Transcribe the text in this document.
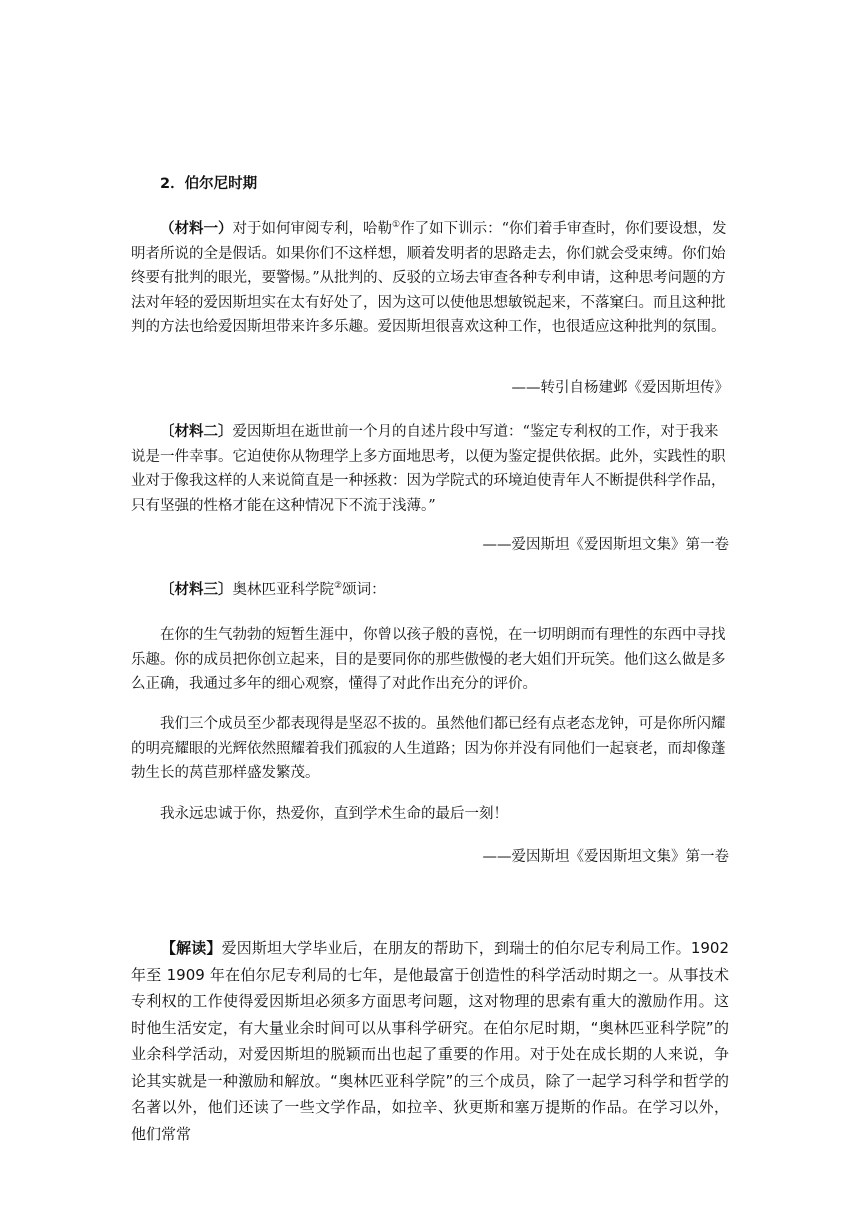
2．伯尔尼时期

（材料一）对于如何审阅专利，哈勒①作了如下训示：“你们着手审查时，你们要设想，发明者所说的全是假话。如果你们不这样想，顺着发明者的思路走去，你们就会受束缚。你们始终要有批判的眼光，要警惕。”从批判的、反驳的立场去审查各种专利申请，这种思考问题的方法对年轻的爱因斯坦实在太有好处了，因为这可以使他思想敏锐起来，不落窠臼。而且这种批判的方法也给爱因斯坦带来许多乐趣。爱因斯坦很喜欢这种工作，也很适应这种批判的氛围。

——转引自杨建邺《爱因斯坦传》

〔材料二〕爱因斯坦在逝世前一个月的自述片段中写道：“鉴定专利权的工作，对于我来说是一件幸事。它迫使你从物理学上多方面地思考，以便为鉴定提供依据。此外，实践性的职业对于像我这样的人来说简直是一种拯救：因为学院式的环境迫使青年人不断提供科学作品，只有坚强的性格才能在这种情况下不流于浅薄。”

——爱因斯坦《爱因斯坦文集》第一卷

〔材料三〕奥林匹亚科学院②颂词：

在你的生气勃勃的短暂生涯中，你曾以孩子般的喜悦，在一切明朗而有理性的东西中寻找乐趣。你的成员把你创立起来，目的是要同你的那些傲慢的老大姐们开玩笑。他们这么做是多么正确，我通过多年的细心观察，懂得了对此作出充分的评价。

我们三个成员至少都表现得是坚忍不拔的。虽然他们都已经有点老态龙钟，可是你所闪耀的明亮耀眼的光辉依然照耀着我们孤寂的人生道路；因为你并没有同他们一起衰老，而却像蓬勃生长的莴苣那样盛发繁茂。

我永远忠诚于你，热爱你，直到学术生命的最后一刻！

——爱因斯坦《爱因斯坦文集》第一卷

【解读】爱因斯坦大学毕业后，在朋友的帮助下，到瑞士的伯尔尼专利局工作。1902年至 1909 年在伯尔尼专利局的七年，是他最富于创造性的科学活动时期之一。从事技术专利权的工作使得爱因斯坦必须多方面思考问题，这对物理的思索有重大的激励作用。这时他生活安定，有大量业余时间可以从事科学研究。在伯尔尼时期，“奥林匹亚科学院”的业余科学活动，对爱因斯坦的脱颖而出也起了重要的作用。对于处在成长期的人来说，争论其实就是一种激励和解放。“奥林匹亚科学院”的三个成员，除了一起学习科学和哲学的名著以外，他们还读了一些文学作品，如拉辛、狄更斯和塞万提斯的作品。在学习以外，他们常常
